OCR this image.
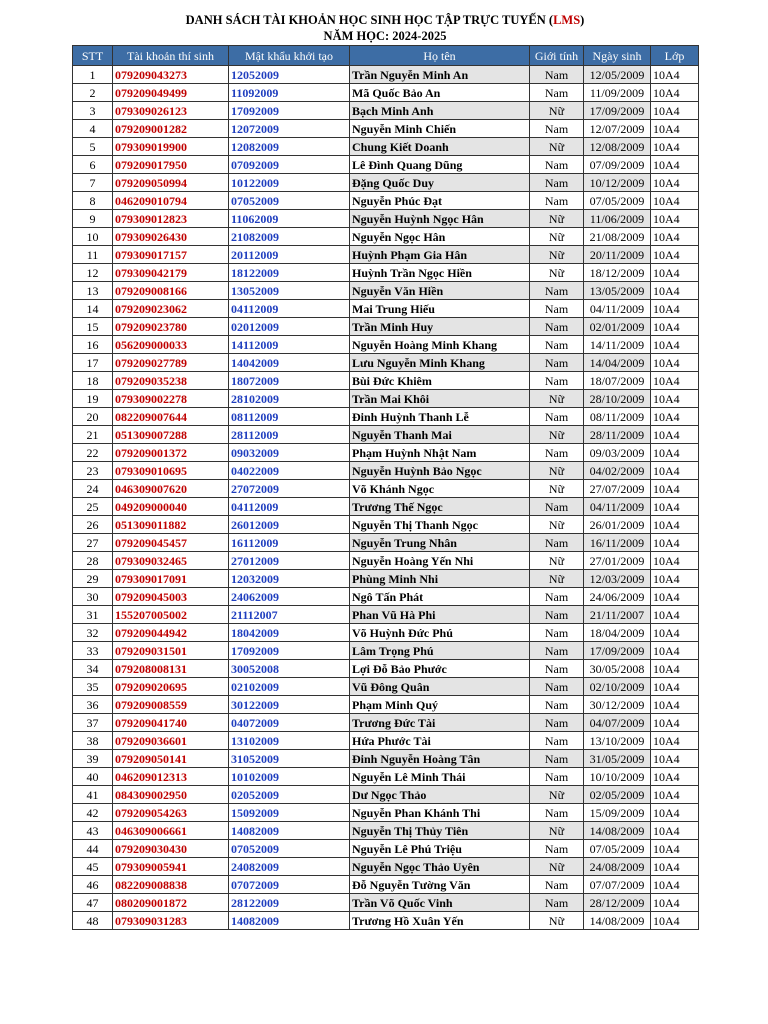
DANH SÁCH TÀI KHOẢN HỌC SINH HỌC TẬP TRỰC TUYẾN (LMS)
NĂM HỌC: 2024-2025
STT	Tài khoản thí sinh	Mật khẩu khởi tạo	Họ tên	Giới tính	Ngày sinh	Lớp
1	079209043273	12052009	Trần Nguyễn Minh An	Nam	12/05/2009	10A4
2	079209049499	11092009	Mã Quốc Bảo An	Nam	11/09/2009	10A4
3	079309026123	17092009	Bạch Minh Anh	Nữ	17/09/2009	10A4
4	079209001282	12072009	Nguyễn Minh Chiến	Nam	12/07/2009	10A4
5	079309019900	12082009	Chung Kiết Doanh	Nữ	12/08/2009	10A4
6	079209017950	07092009	Lê Đình Quang Dũng	Nam	07/09/2009	10A4
7	079209050994	10122009	Đặng Quốc Duy	Nam	10/12/2009	10A4
8	046209010794	07052009	Nguyễn Phúc Đạt	Nam	07/05/2009	10A4
9	079309012823	11062009	Nguyễn Huỳnh Ngọc Hân	Nữ	11/06/2009	10A4
10	079309026430	21082009	Nguyễn Ngọc Hân	Nữ	21/08/2009	10A4
11	079309017157	20112009	Huỳnh Phạm Gia Hân	Nữ	20/11/2009	10A4
12	079309042179	18122009	Huỳnh Trần Ngọc Hiền	Nữ	18/12/2009	10A4
13	079209008166	13052009	Nguyễn Văn Hiền	Nam	13/05/2009	10A4
14	079209023062	04112009	Mai Trung Hiếu	Nam	04/11/2009	10A4
15	079209023780	02012009	Trần Minh Huy	Nam	02/01/2009	10A4
16	056209000033	14112009	Nguyễn Hoàng Minh Khang	Nam	14/11/2009	10A4
17	079209027789	14042009	Lưu Nguyễn Minh Khang	Nam	14/04/2009	10A4
18	079209035238	18072009	Bùi Đức Khiêm	Nam	18/07/2009	10A4
19	079309002278	28102009	Trần Mai Khôi	Nữ	28/10/2009	10A4
20	082209007644	08112009	Đinh Huỳnh Thanh Lễ	Nam	08/11/2009	10A4
21	051309007288	28112009	Nguyễn Thanh Mai	Nữ	28/11/2009	10A4
22	079209001372	09032009	Phạm Huỳnh Nhật Nam	Nam	09/03/2009	10A4
23	079309010695	04022009	Nguyễn Huỳnh Bảo Ngọc	Nữ	04/02/2009	10A4
24	046309007620	27072009	Võ Khánh Ngọc	Nữ	27/07/2009	10A4
25	049209000040	04112009	Trương Thế Ngọc	Nam	04/11/2009	10A4
26	051309011882	26012009	Nguyễn Thị Thanh Ngọc	Nữ	26/01/2009	10A4
27	079209045457	16112009	Nguyễn Trung Nhân	Nam	16/11/2009	10A4
28	079309032465	27012009	Nguyễn Hoàng Yến Nhi	Nữ	27/01/2009	10A4
29	079309017091	12032009	Phùng Minh Nhi	Nữ	12/03/2009	10A4
30	079209045003	24062009	Ngô Tấn Phát	Nam	24/06/2009	10A4
31	155207005002	21112007	Phan Vũ Hà Phi	Nam	21/11/2007	10A4
32	079209044942	18042009	Võ Huỳnh Đức Phú	Nam	18/04/2009	10A4
33	079209031501	17092009	Lâm Trọng Phú	Nam	17/09/2009	10A4
34	079208008131	30052008	Lợi Đỗ Bảo Phước	Nam	30/05/2008	10A4
35	079209020695	02102009	Vũ Đông Quân	Nam	02/10/2009	10A4
36	079209008559	30122009	Phạm Minh Quý	Nam	30/12/2009	10A4
37	079209041740	04072009	Trương Đức Tài	Nam	04/07/2009	10A4
38	079209036601	13102009	Hứa Phước Tài	Nam	13/10/2009	10A4
39	079209050141	31052009	Đinh Nguyễn Hoàng Tân	Nam	31/05/2009	10A4
40	046209012313	10102009	Nguyễn Lê Minh Thái	Nam	10/10/2009	10A4
41	084309002950	02052009	Dư Ngọc Thảo	Nữ	02/05/2009	10A4
42	079209054263	15092009	Nguyễn Phan Khánh Thi	Nam	15/09/2009	10A4
43	046309006661	14082009	Nguyễn Thị Thủy Tiên	Nữ	14/08/2009	10A4
44	079209030430	07052009	Nguyễn Lê Phú Triệu	Nam	07/05/2009	10A4
45	079309005941	24082009	Nguyễn Ngọc Thảo Uyên	Nữ	24/08/2009	10A4
46	082209008838	07072009	Đỗ Nguyễn Tường Văn	Nam	07/07/2009	10A4
47	080209001872	28122009	Trần Võ Quốc Vinh	Nam	28/12/2009	10A4
48	079309031283	14082009	Trương Hồ Xuân Yến	Nữ	14/08/2009	10A4
